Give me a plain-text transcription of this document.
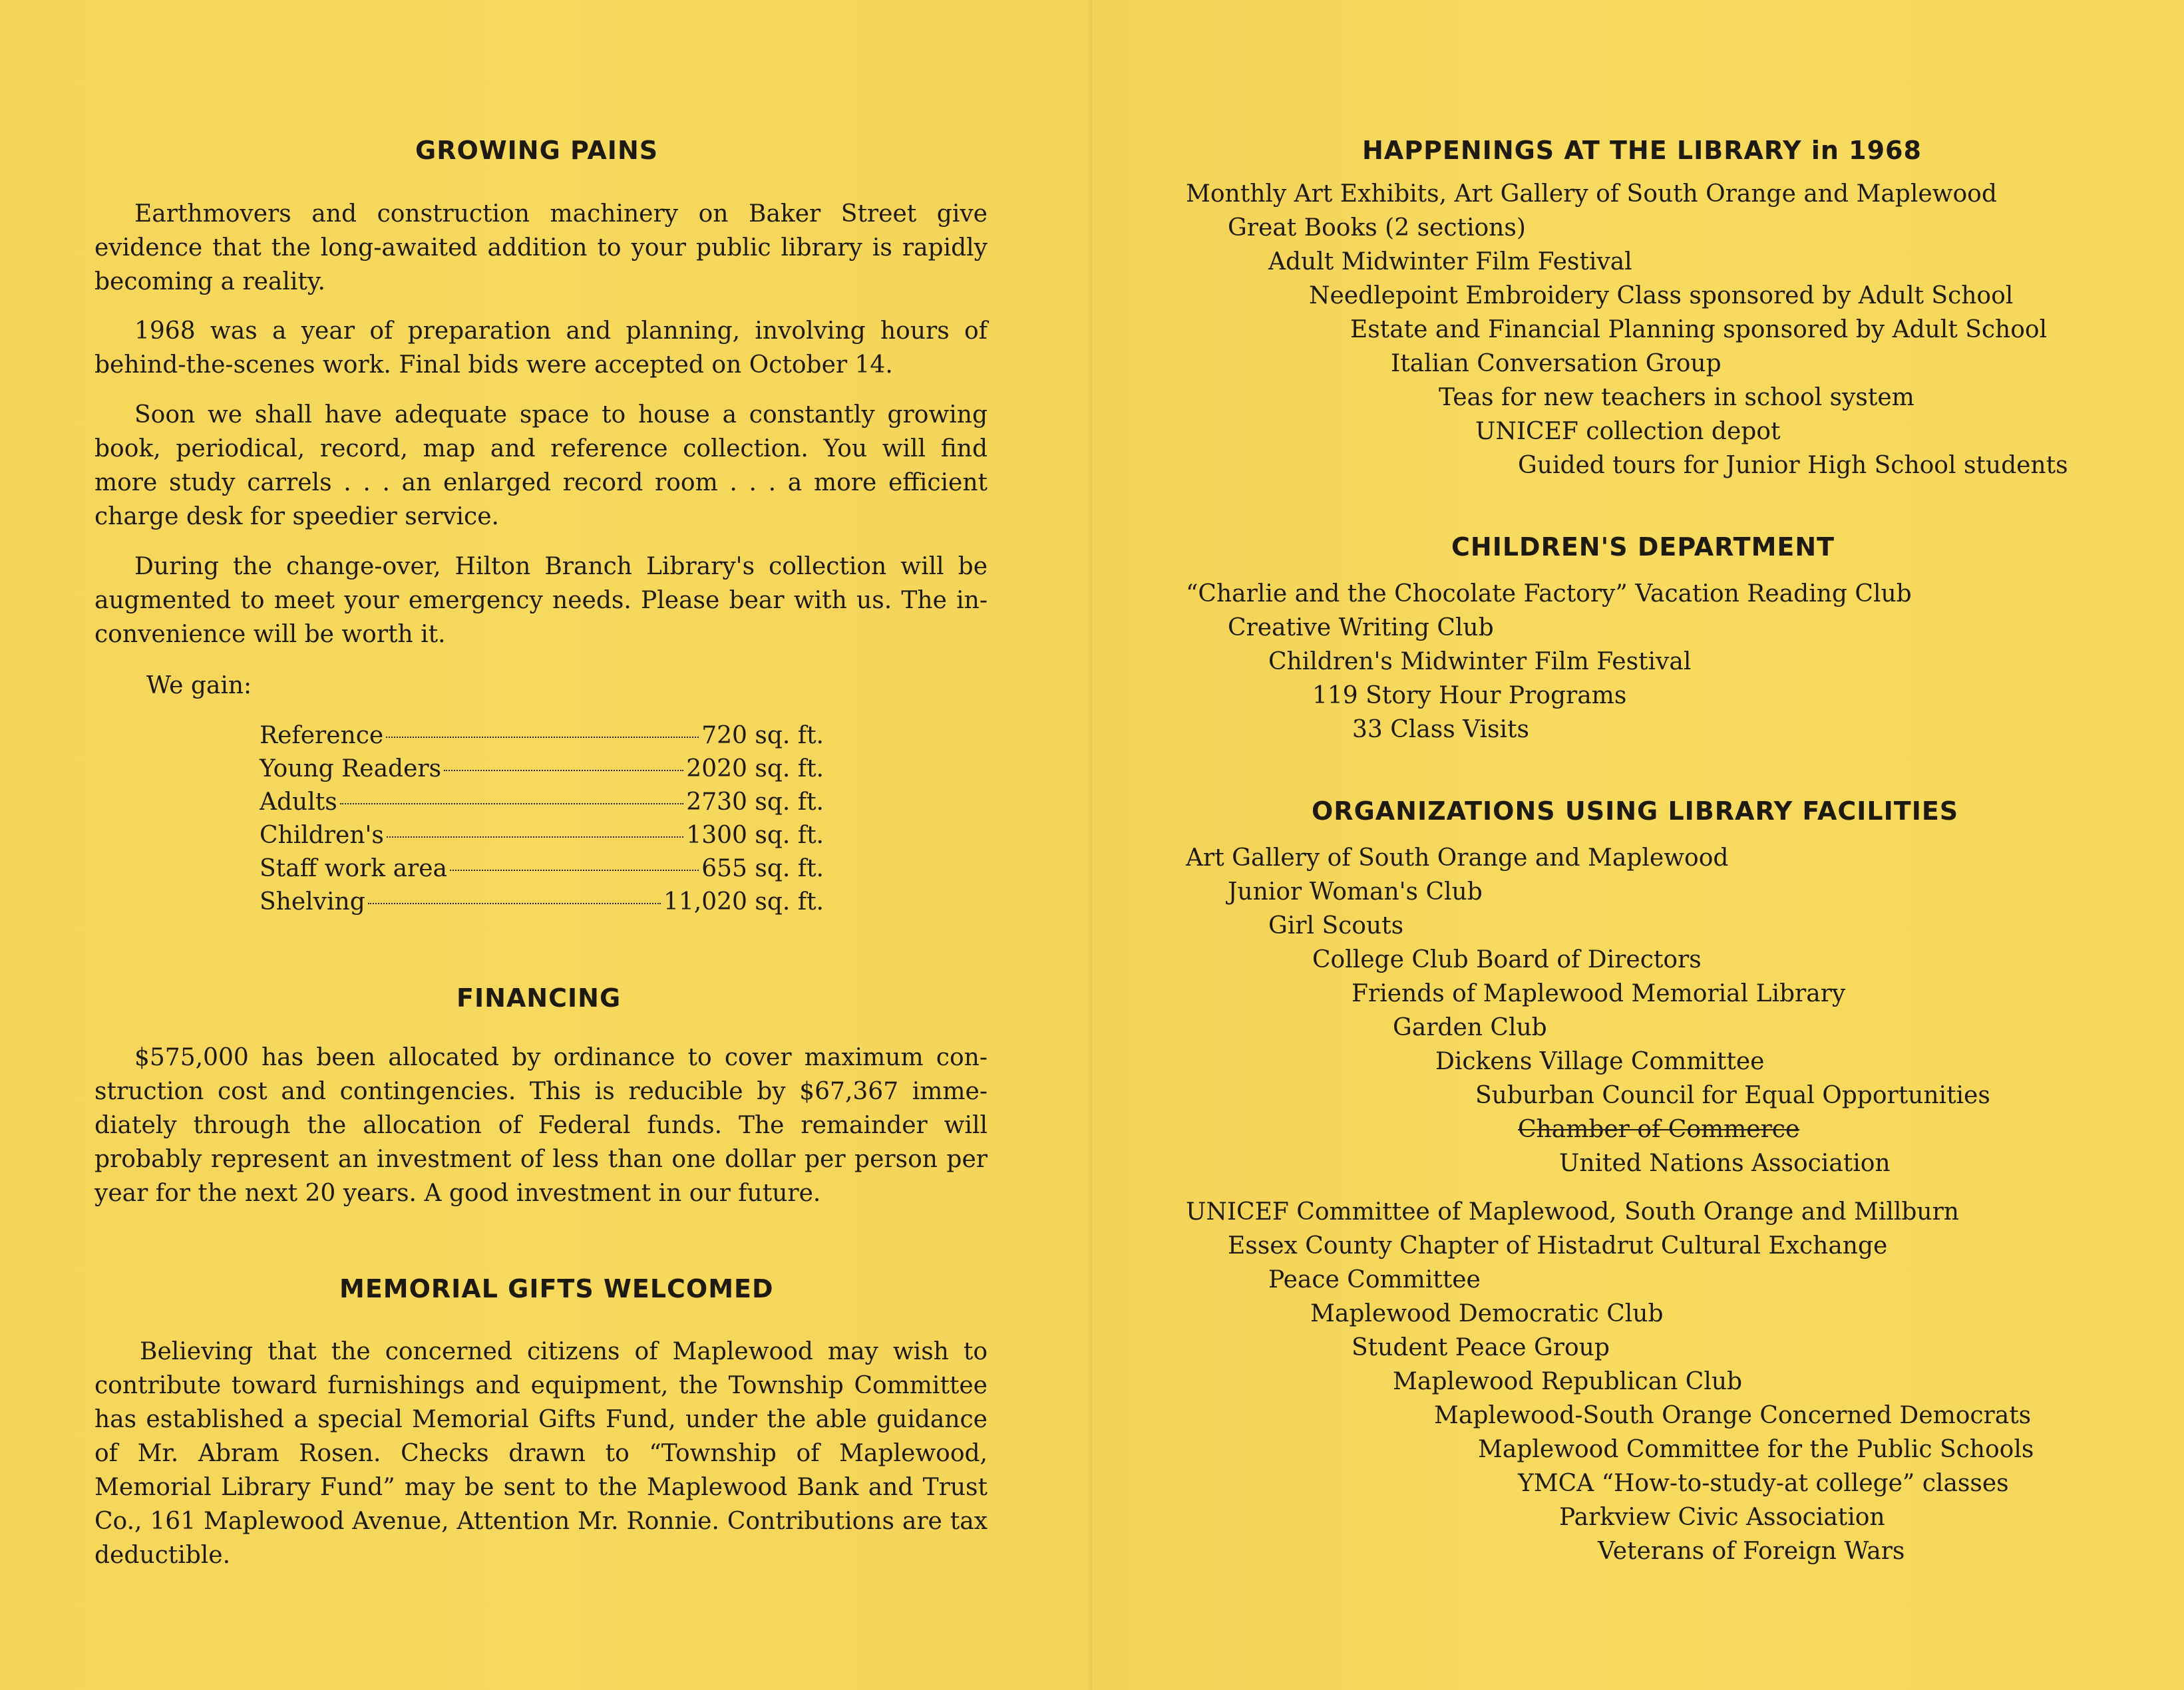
GROWING PAINS

Earthmovers and construction machinery on Baker Street give evidence that the long-awaited addition to your public library is rapidly becoming a reality.

1968 was a year of preparation and planning, involving hours of behind-the-scenes work. Final bids were accepted on October 14.

Soon we shall have adequate space to house a constantly growing book, periodical, record, map and reference collection. You will find more study carrels . . . an enlarged record room . . . a more efficient charge desk for speedier service.

During the change-over, Hilton Branch Library's collection will be augmented to meet your emergency needs. Please bear with us. The inconvenience will be worth it.

We gain:

Reference	720 sq. ft.
Young Readers	2020 sq. ft.
Adults	2730 sq. ft.
Children's	1300 sq. ft.
Staff work area	655 sq. ft.
Shelving	11,020 sq. ft.
FINANCING

$575,000 has been allocated by ordinance to cover maximum construction cost and contingencies. This is reducible by $67,367 immediately through the allocation of Federal funds. The remainder will probably represent an investment of less than one dollar per person per year for the next 20 years. A good investment in our future.

MEMORIAL GIFTS WELCOMED

Believing that the concerned citizens of Maplewood may wish to contribute toward furnishings and equipment, the Township Committee has established a special Memorial Gifts Fund, under the able guidance of Mr. Abram Rosen. Checks drawn to “Township of Maplewood, Memorial Library Fund” may be sent to the Maplewood Bank and Trust Co., 161 Maplewood Avenue, Attention Mr. Ronnie. Contributions are tax deductible.

HAPPENINGS AT THE LIBRARY in 1968

Monthly Art Exhibits, Art Gallery of South Orange and Maplewood

Great Books (2 sections)

Adult Midwinter Film Festival

Needlepoint Embroidery Class sponsored by Adult School

Estate and Financial Planning sponsored by Adult School

Italian Conversation Group

Teas for new teachers in school system

UNICEF collection depot

Guided tours for Junior High School students

CHILDREN'S DEPARTMENT

“Charlie and the Chocolate Factory” Vacation Reading Club

Creative Writing Club

Children's Midwinter Film Festival

119 Story Hour Programs

33 Class Visits

ORGANIZATIONS USING LIBRARY FACILITIES

Art Gallery of South Orange and Maplewood

Junior Woman's Club

Girl Scouts

College Club Board of Directors

Friends of Maplewood Memorial Library

Garden Club

Dickens Village Committee

Suburban Council for Equal Opportunities

Chamber of Commerce

United Nations Association

UNICEF Committee of Maplewood, South Orange and Millburn

Essex County Chapter of Histadrut Cultural Exchange

Peace Committee

Maplewood Democratic Club

Student Peace Group

Maplewood Republican Club

Maplewood-South Orange Concerned Democrats

Maplewood Committee for the Public Schools

YMCA “How-to-study-at college” classes

Parkview Civic Association

Veterans of Foreign Wars
